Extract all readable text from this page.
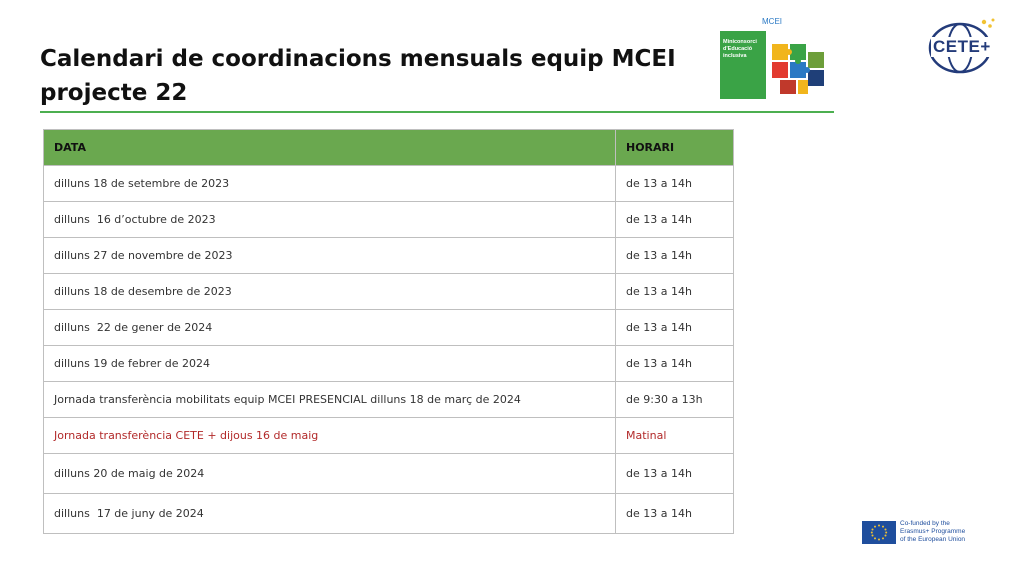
Calendari de coordinacions mensuals equip MCEI
projecte 22
MCEI
Miniconsorci d'Educació inclusiva	CETE+
DATA	HORARI
dilluns 18 de setembre de 2023	de 13 a 14h
dilluns  16 d’octubre de 2023	de 13 a 14h
dilluns 27 de novembre de 2023	de 13 a 14h
dilluns 18 de desembre de 2023	de 13 a 14h
dilluns  22 de gener de 2024	de 13 a 14h
dilluns 19 de febrer de 2024	de 13 a 14h
Jornada transferència mobilitats equip MCEI PRESENCIAL dilluns 18 de març de 2024	de 9:30 a 13h
Jornada transferència CETE + dijous 16 de maig	Matinal
dilluns 20 de maig de 2024	de 13 a 14h
dilluns  17 de juny de 2024	de 13 a 14h
Co-funded by the
Erasmus+ Programme
of the European Union
